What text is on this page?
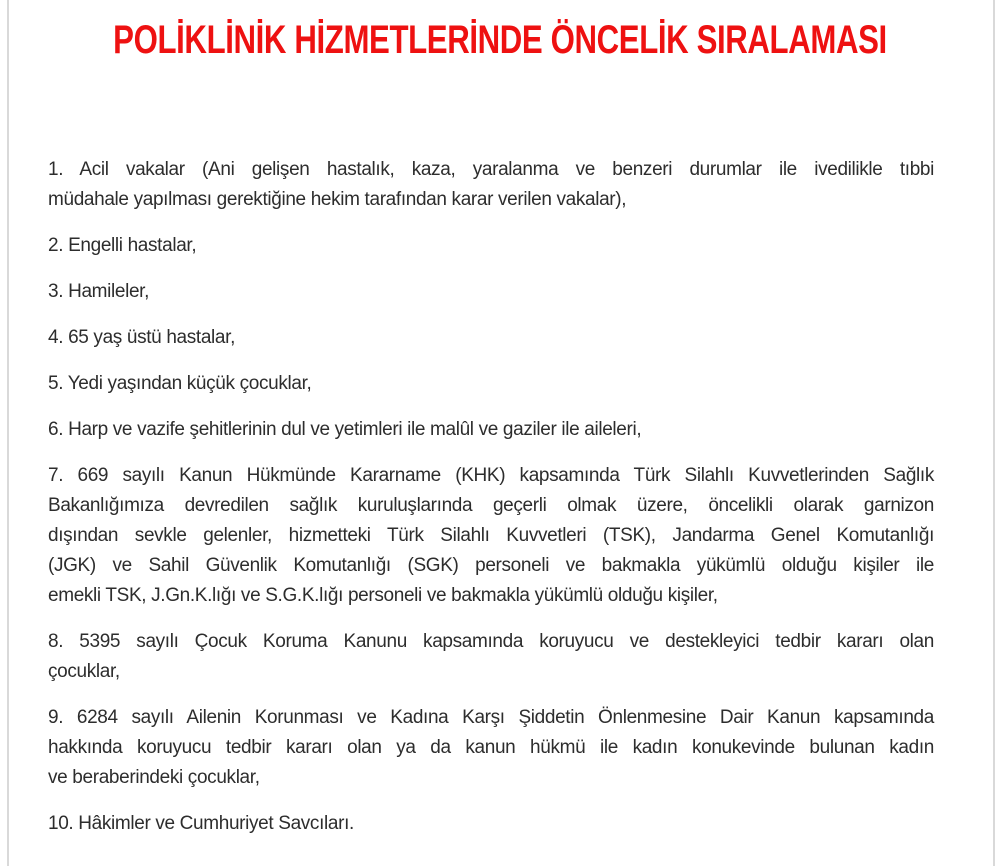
POLİKLİNİK HİZMETLERİNDE ÖNCELİK SIRALAMASI
1. Acil vakalar (Ani gelişen hastalık, kaza, yaralanma ve benzeri durumlar ile ivedilikle tıbbi
müdahale yapılması gerektiğine hekim tarafından karar verilen vakalar),
2. Engelli hastalar,
3. Hamileler,
4. 65 yaş üstü hastalar,
5. Yedi yaşından küçük çocuklar,
6. Harp ve vazife şehitlerinin dul ve yetimleri ile malûl ve gaziler ile aileleri,
7. 669 sayılı Kanun Hükmünde Kararname (KHK) kapsamında Türk Silahlı Kuvvetlerinden Sağlık
Bakanlığımıza devredilen sağlık kuruluşlarında geçerli olmak üzere, öncelikli olarak garnizon
dışından sevkle gelenler, hizmetteki Türk Silahlı Kuvvetleri (TSK), Jandarma Genel Komutanlığı
(JGK) ve Sahil Güvenlik Komutanlığı (SGK) personeli ve bakmakla yükümlü olduğu kişiler ile
emekli TSK, J.Gn.K.lığı ve S.G.K.lığı personeli ve bakmakla yükümlü olduğu kişiler,
8. 5395 sayılı Çocuk Koruma Kanunu kapsamında koruyucu ve destekleyici tedbir kararı olan
çocuklar,
9. 6284 sayılı Ailenin Korunması ve Kadına Karşı Şiddetin Önlenmesine Dair Kanun kapsamında
hakkında koruyucu tedbir kararı olan ya da kanun hükmü ile kadın konukevinde bulunan kadın
ve beraberindeki çocuklar,
10. Hâkimler ve Cumhuriyet Savcıları.
